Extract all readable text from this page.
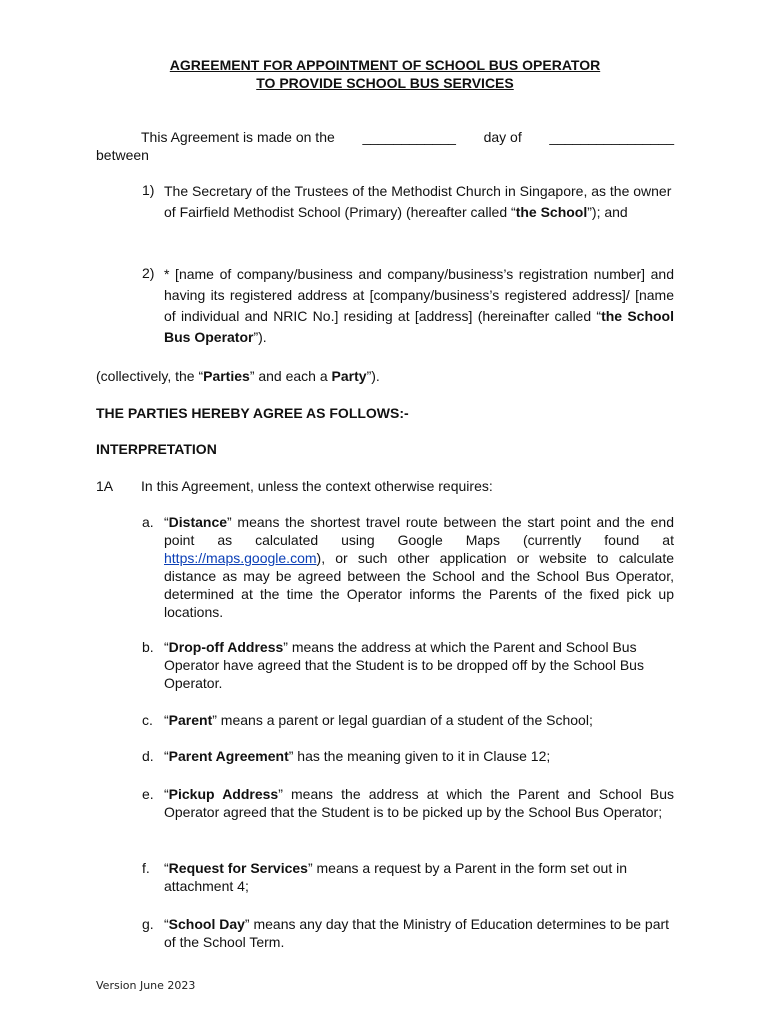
AGREEMENT FOR APPOINTMENT OF SCHOOL BUS OPERATOR
TO PROVIDE SCHOOL BUS SERVICES
This Agreement is made on the ____________ day of ________________
between
1) The Secretary of the Trustees of the Methodist Church in Singapore, as the owner of Fairfield Methodist School (Primary) (hereafter called “the School”); and
2) * [name of company/business and company/business’s registration number] and having its registered address at [company/business’s registered address]/ [name of individual and NRIC No.] residing at [address] (hereinafter called “the School Bus Operator”).
(collectively, the “Parties” and each a Party”).
THE PARTIES HEREBY AGREE AS FOLLOWS:-
INTERPRETATION
1A In this Agreement, unless the context otherwise requires:
a. “Distance” means the shortest travel route between the start point and the end point as calculated using Google Maps (currently found at https://maps.google.com), or such other application or website to calculate distance as may be agreed between the School and the School Bus Operator, determined at the time the Operator informs the Parents of the fixed pick up locations.
b. “Drop-off Address” means the address at which the Parent and School Bus Operator have agreed that the Student is to be dropped off by the School Bus Operator.
c. “Parent” means a parent or legal guardian of a student of the School;
d. “Parent Agreement” has the meaning given to it in Clause 12;
e. “Pickup Address” means the address at which the Parent and School Bus Operator agreed that the Student is to be picked up by the School Bus Operator;
f. “Request for Services” means a request by a Parent in the form set out in attachment 4;
g. “School Day” means any day that the Ministry of Education determines to be part of the School Term.
Version June 2023
